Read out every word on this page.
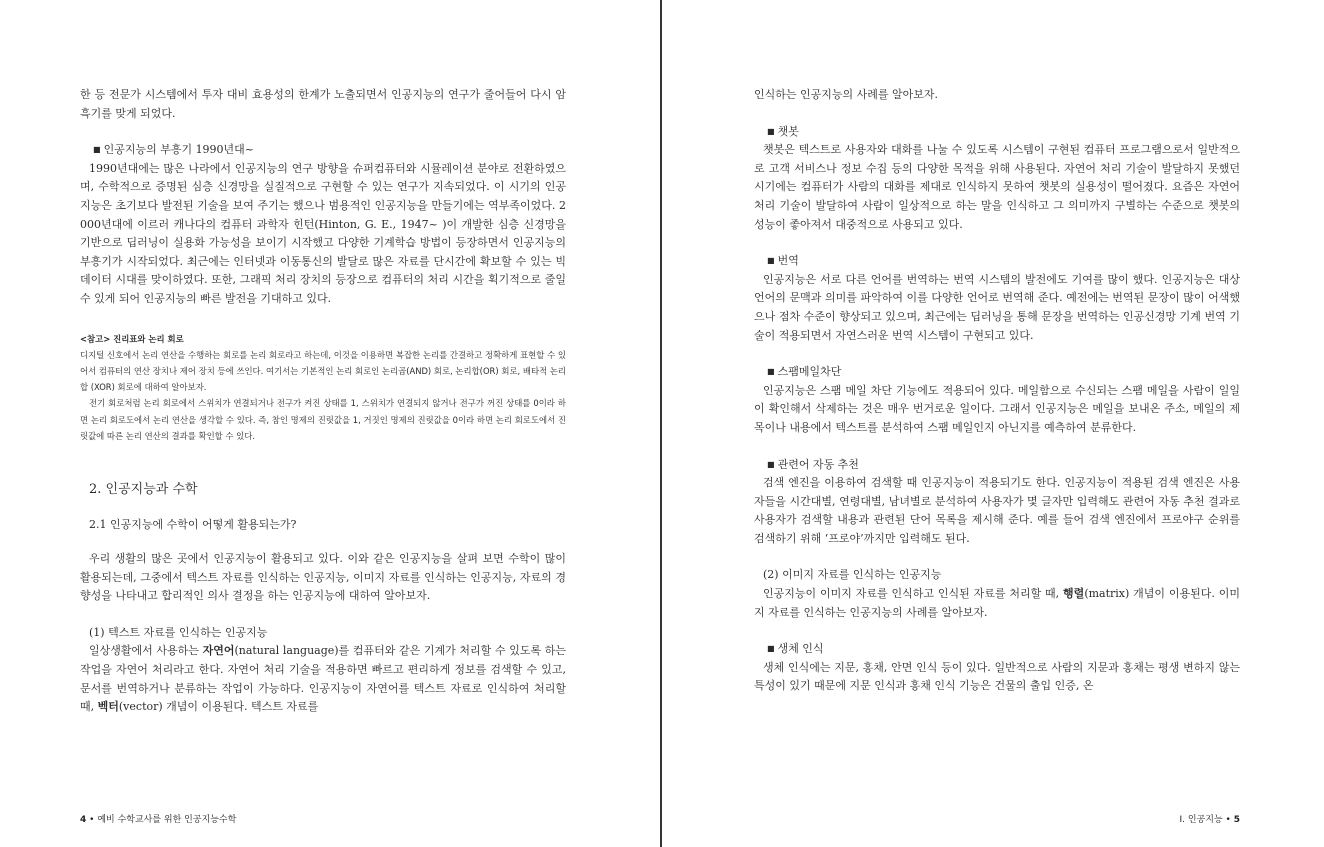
한 등 전문가 시스템에서 투자 대비 효용성의 한계가 노출되면서 인공지능의 연구가 줄어들어 다시 암흑기를 맞게 되었다.

■ 인공지능의 부흥기 1990년대~

1990년대에는 많은 나라에서 인공지능의 연구 방향을 슈퍼컴퓨터와 시뮬레이션 분야로 전환하였으며, 수학적으로 증명된 심층 신경망을 실질적으로 구현할 수 있는 연구가 지속되었다. 이 시기의 인공지능은 초기보다 발전된 기술을 보여 주기는 했으나 범용적인 인공지능을 만들기에는 역부족이었다. 2000년대에 이르러 캐나다의 컴퓨터 과학자 힌턴(Hinton, G. E., 1947~ )이 개발한 심층 신경망을 기반으로 딥러닝이 실용화 가능성을 보이기 시작했고 다양한 기계학습 방법이 등장하면서 인공지능의 부흥기가 시작되었다. 최근에는 인터넷과 이동통신의 발달로 많은 자료를 단시간에 확보할 수 있는 빅데이터 시대를 맞이하였다. 또한, 그래픽 처리 장치의 등장으로 컴퓨터의 처리 시간을 획기적으로 줄일 수 있게 되어 인공지능의 빠른 발전을 기대하고 있다.

<참고> 진리표와 논리 회로

디지털 신호에서 논리 연산을 수행하는 회로를 논리 회로라고 하는데, 이것을 이용하면 복잡한 논리를 간결하고 정확하게 표현할 수 있어서 컴퓨터의 연산 장치나 제어 장치 등에 쓰인다. 여기서는 기본적인 논리 회로인 논리곱(AND) 회로, 논리합(OR) 회로, 배타적 논리합 (XOR) 회로에 대하여 알아보자.

전기 회로처럼 논리 회로에서 스위치가 연결되거나 전구가 켜진 상태를 1, 스위치가 연결되지 않거나 전구가 꺼진 상태를 0이라 하면 논리 회로도에서 논리 연산을 생각할 수 있다. 즉, 참인 명제의 진릿값을 1, 거짓인 명제의 진릿값을 0이라 하면 논리 회로도에서 진릿값에 따른 논리 연산의 결과를 확인할 수 있다.

2. 인공지능과 수학

2.1 인공지능에 수학이 어떻게 활용되는가?

우리 생활의 많은 곳에서 인공지능이 활용되고 있다. 이와 같은 인공지능을 살펴 보면 수학이 많이 활용되는데, 그중에서 텍스트 자료를 인식하는 인공지능, 이미지 자료를 인식하는 인공지능, 자료의 경향성을 나타내고 합리적인 의사 결정을 하는 인공지능에 대하여 알아보자.

(1) 텍스트 자료를 인식하는 인공지능

일상생활에서 사용하는 자연어(natural language)를 컴퓨터와 같은 기계가 처리할 수 있도록 하는 작업을 자연어 처리라고 한다. 자연어 처리 기술을 적용하면 빠르고 편리하게 정보를 검색할 수 있고, 문서를 번역하거나 분류하는 작업이 가능하다. 인공지능이 자연어를 텍스트 자료로 인식하여 처리할 때, 벡터(vector) 개념이 이용된다. 텍스트 자료를

4 • 예비 수학교사를 위한 인공지능수학

인식하는 인공지능의 사례를 알아보자.

■ 챗봇

챗봇은 텍스트로 사용자와 대화를 나눌 수 있도록 시스템이 구현된 컴퓨터 프로그램으로서 일반적으로 고객 서비스나 정보 수집 등의 다양한 목적을 위해 사용된다. 자연어 처리 기술이 발달하지 못했던 시기에는 컴퓨터가 사람의 대화를 제대로 인식하지 못하여 챗봇의 실용성이 떨어졌다. 요즘은 자연어 처리 기술이 발달하여 사람이 일상적으로 하는 말을 인식하고 그 의미까지 구별하는 수준으로 챗봇의 성능이 좋아져서 대중적으로 사용되고 있다.

■ 번역

인공지능은 서로 다른 언어를 번역하는 번역 시스템의 발전에도 기여를 많이 했다. 인공지능은 대상 언어의 문맥과 의미를 파악하여 이를 다양한 언어로 번역해 준다. 예전에는 번역된 문장이 많이 어색했으나 점차 수준이 향상되고 있으며, 최근에는 딥러닝을 통해 문장을 번역하는 인공신경망 기계 번역 기술이 적용되면서 자연스러운 번역 시스템이 구현되고 있다.

■ 스팸메일차단

인공지능은 스팸 메일 차단 기능에도 적용되어 있다. 메일함으로 수신되는 스팸 메일을 사람이 일일이 확인해서 삭제하는 것은 매우 번거로운 일이다. 그래서 인공지능은 메일을 보내온 주소, 메일의 제목이나 내용에서 텍스트를 분석하여 스팸 메일인지 아닌지를 예측하여 분류한다.

■ 관련어 자동 추천

검색 엔진을 이용하여 검색할 때 인공지능이 적용되기도 한다. 인공지능이 적용된 검색 엔진은 사용자들을 시간대별, 연령대별, 남녀별로 분석하여 사용자가 몇 글자만 입력해도 관련어 자동 추천 결과로 사용자가 검색할 내용과 관련된 단어 목록을 제시해 준다. 예를 들어 검색 엔진에서 프로야구 순위를 검색하기 위해 ‘프로야’까지만 입력해도 된다.

(2) 이미지 자료를 인식하는 인공지능

인공지능이 이미지 자료를 인식하고 인식된 자료를 처리할 때, 행렬(matrix) 개념이 이용된다. 이미지 자료를 인식하는 인공지능의 사례를 알아보자.

■ 생체 인식

생체 인식에는 지문, 홍채, 안면 인식 등이 있다. 일반적으로 사람의 지문과 홍채는 평생 변하지 않는 특성이 있기 때문에 지문 인식과 홍채 인식 기능은 건물의 출입 인증, 온

I. 인공지능 • 5
